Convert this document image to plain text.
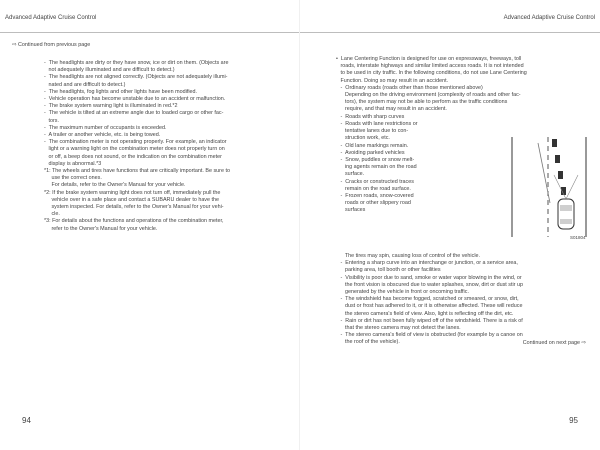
Advanced Adaptive Cruise Control
⇨ Continued from previous page
-  The headlights are dirty or they have snow, ice or dirt on them. (Objects are
not adequately illuminated and are difficult to detect.)
-  The headlights are not aligned correctly. (Objects are not adequately illumi-
nated and are difficult to detect.)
-  The headlights, fog lights and other lights have been modified.
-  Vehicle operation has become unstable due to an accident or malfunction.
-  The brake system warning light is illuminated in red.*2
-  The vehicle is tilted at an extreme angle due to loaded cargo or other fac-
tors.
-  The maximum number of occupants is exceeded.
-  A trailer or another vehicle, etc. is being towed.
-  The combination meter is not operating properly. For example, an indicator
light or a warning light on the combination meter does not properly turn on
or off, a beep does not sound, or the indication on the combination meter
display is abnormal.*3
*1: The wheels and tires have functions that are critically important. Be sure to
use the correct ones.
For details, refer to the Owner's Manual for your vehicle.
*2: If the brake system warning light does not turn off, immediately pull the
vehicle over in a safe place and contact a SUBARU dealer to have the
system inspected. For details, refer to the Owner's Manual for your vehi-
cle.
*3: For details about the functions and operations of the combination meter,
refer to the Owner's Manual for your vehicle.
94
Advanced Adaptive Cruise Control
•  Lane Centering Function is designed for use on expressways, freeways, toll
roads, interstate highways and similar limited access roads. It is not intended
to be used in city traffic. In the following conditions, do not use Lane Centering
Function. Doing so may result in an accident.
-  Ordinary roads (roads other than those mentioned above)
Depending on the driving environment (complexity of roads and other fac-
tors), the system may not be able to perform as the traffic conditions
require, and that may result in an accident.
-  Roads with sharp curves
-  Roads with lane restrictions or
tentative lanes due to con-
struction work, etc.
-  Old lane markings remain.
-  Avoiding parked vehicles
-  Snow, puddles or snow melt-
ing agents remain on the road
surface.
-  Cracks or constructed traces
remain on the road surface.
-  Frozen roads, snow-covered
roads or other slippery road
surfaces
S01804
The tires may spin, causing loss of control of the vehicle.
-  Entering a sharp curve into an interchange or junction, or a service area,
parking area, toll booth or other facilities
-  Visibility is poor due to sand, smoke or water vapor blowing in the wind, or
the front vision is obscured due to water splashes, snow, dirt or dust stir up
generated by the vehicle in front or oncoming traffic.
-  The windshield has become fogged, scratched or smeared, or snow, dirt,
dust or frost has adhered to it, or it is otherwise affected. These will reduce
the stereo camera's field of view. Also, light is reflecting off the dirt, etc.
-  Rain or dirt has not been fully wiped off of the windshield. There is a risk of
that the stereo camera may not detect the lanes.
-  The stereo camera's field of view is obstructed (for example by a canoe on
the roof of the vehicle).	Continued on next page ⇨
95
